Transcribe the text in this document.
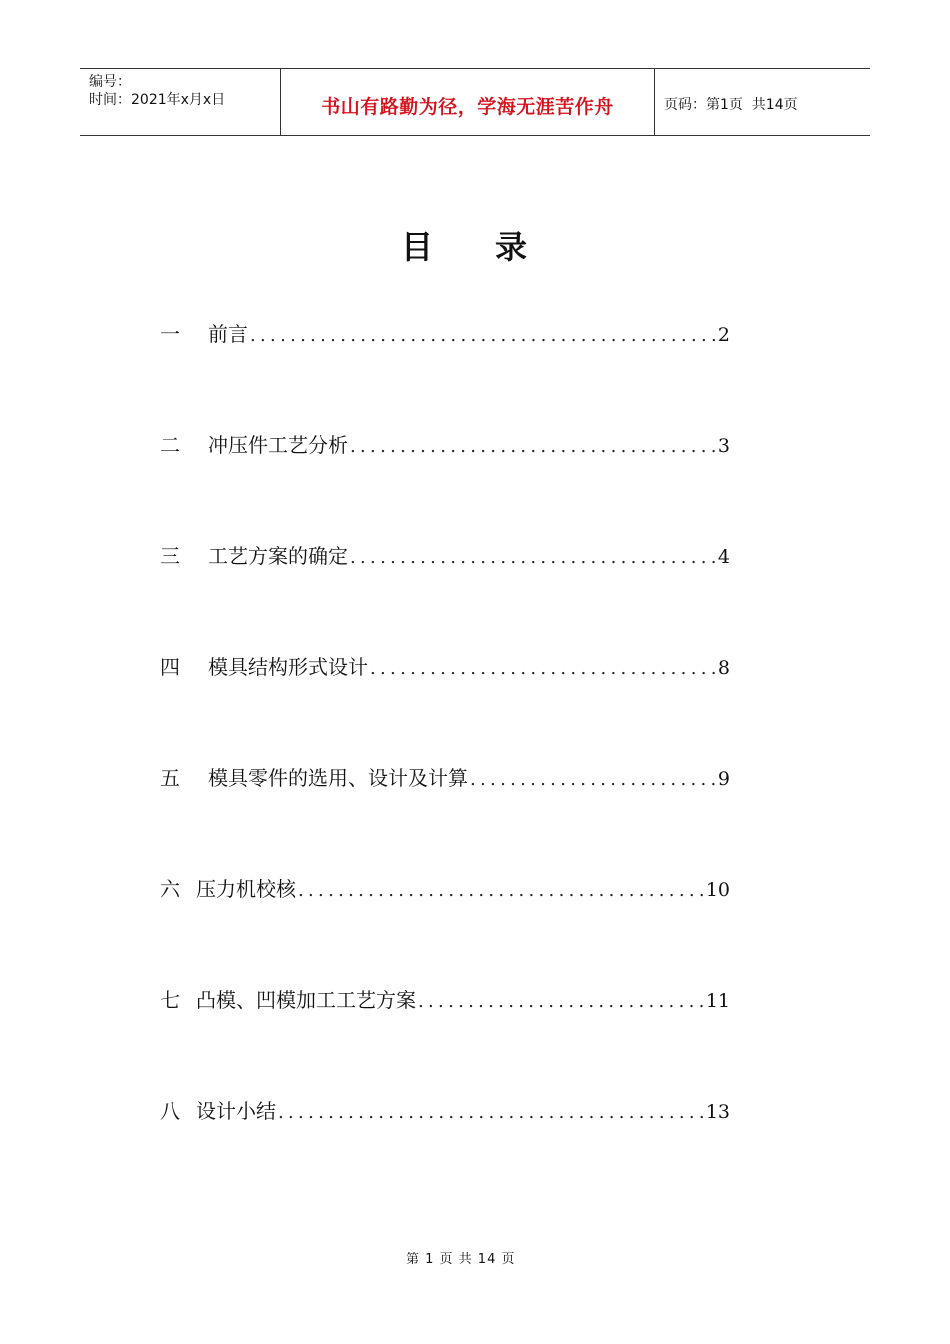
编号：
时间：2021年x月x日	书山有路勤为径，学海无涯苦作舟	页码：第1页  共14页
目录
一	前言 .....	2
二	冲压件工艺分析 .....	3
三	工艺方案的确定 .....	4
四	模具结构形式设计 .....	8
五	模具零件的选用、设计及计算 .....	9
六 压力机校核 .....	10
七 凸模、凹模加工工艺方案 .....	11
八 设计小结 .....	13
第 1 页 共 14 页
